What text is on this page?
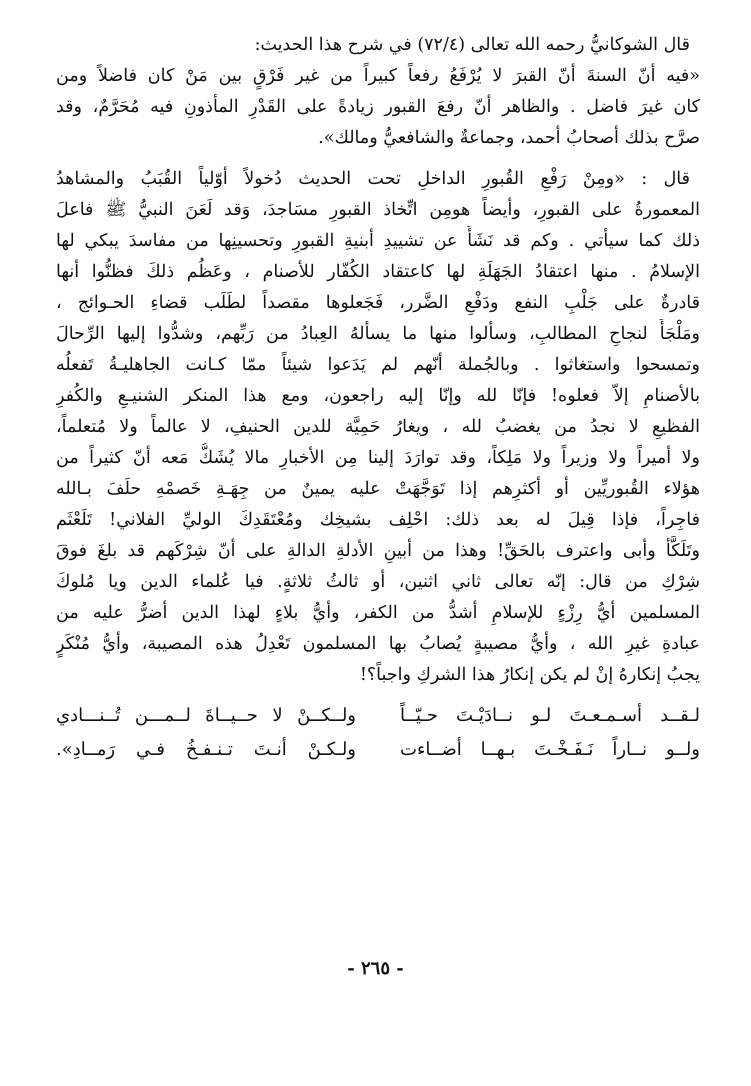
قال الشوكانيُّ رحمه الله تعالى (٧٢/٤) في شرح هذا الحديث:
«فيه أنّ السنةَ أنّ القبرَ لا يُرْفَعُ رفعاً كبيراً من غير فَرْقٍ بين مَنْ كان فاضلاً ومن
كان غيرَ فاضل . والظاهر أنّ رفعَ القبور زيادةً على القَدْرِ المأذونِ فيه مُحَرَّمٌ، وقد
صرَّح بذلك أصحابُ أحمد، وجماعةٌ والشافعيُّ ومالك».
قال : «ومِنْ رَفْعِ القُبورِ الداخلِ تحت الحديث دُخولاً أوّلياً القُبَبُ والمشاهدُ
المعمورةُ على القبورِ، وأيضاً هومِن اتِّخاذ القبورِ مسَاجدَ، وَقد لَعَنَ النبيُّ ﷺ فاعلَ
ذلك كما سيأتي . وكم قد نَشَأَ عن تشييدِ أبنيةِ القبورِ وتحسينِها من مفاسدَ يبكي لها
الإسلامُ . منها اعتقادُ الجَهَلَةِ لها كاعتقاد الكُفّار للأصنام ، وعَظُم ذلكَ فظنُّوا أنها
قادرةٌ على جَلْبِ النفع ودَفْعِ الضَّرر، فَجَعلوها مقصداً لطَلَب قضاءِ الحـوائج ،
ومَلْجَأً لنجاحِ المطالبِ، وسألوا منها ما يسألهُ العِبادُ من رَبِّهم، وشدُّوا إليها الرِّحالَ
وتمسحوا واستغاثوا . وبالجُملة أنّهم لم يَدَعوا شيئاً ممّا كـانت الجاهليـةُ تَفعلُه
بالأصنامِ إلاّ فعلوه! فإنّا لله وإنّا إليه راجعون، ومع هذا المنكر الشنيـعِ والكُفرِ
الفظيعِ لا نجدُ من يغضبُ لله ، ويغارُ حَمِيَّة للدين الحنيفِ، لا عالماً ولا مُتعلماً،
ولا أميراً ولا وزيراً ولا مَلِكاً، وقد توارَدَ إلينا مِن الأخبارِ مالا يُشَكُّ مَعه أنّ كثيراً من
هؤلاء القُبوريِّين أو أكثرِهم إذا تَوَجَّهَتْ عليه يمينٌ من جِهَـةِ خَصمْهِ حلَفَ بـالله
فاجِراً، فإذا قِيلَ له بعد ذلك: احْلِف بشيخِك ومُعْتَقَدِكَ الوليِّ الفلاني! تَلَعْثَم
وتَلَكَّأ وأبى واعترف بالحَقِّ! وهذا من أبينِ الأدلةِ الدالةِ على أنّ شِرْكَهم قد بلغَ فوقَ
شِرْكِ من قال: إنّه تعالى ثاني اثنين، أو ثالثُ ثلاثةٍ. فيا عُلماء الدين ويا مُلوكَ
المسلمين أيُّ رِزْءٍ للإسلامِ أشدُّ من الكفر، وأيُّ بلاءٍ لهذا الدين أضرُّ عليه من
عبادةِ غيرِ الله ، وأيُّ مصيبةٍ يُصابُ بها المسلمون تَعْدِلُ هذه المصيبة، وأيُّ مُنْكَرٍ
يجبُ إنكارهُ إنْ لم يكن إنكارُ هذا الشركِ واجباً؟!
لـقــد أسـمـعـتَ لـو نــادَيْـتَ حـيّــاً
ولــكــنْ لا حــيــاةَ لــمـــن تُــنـــادي
ولــو نــاراً نَـفَـخْـتَ بـهــا أضــاءت
ولـكـنْ أنـتَ تـنـفـخُ فـي رَمــادِ».
- ٢٦٥ -
